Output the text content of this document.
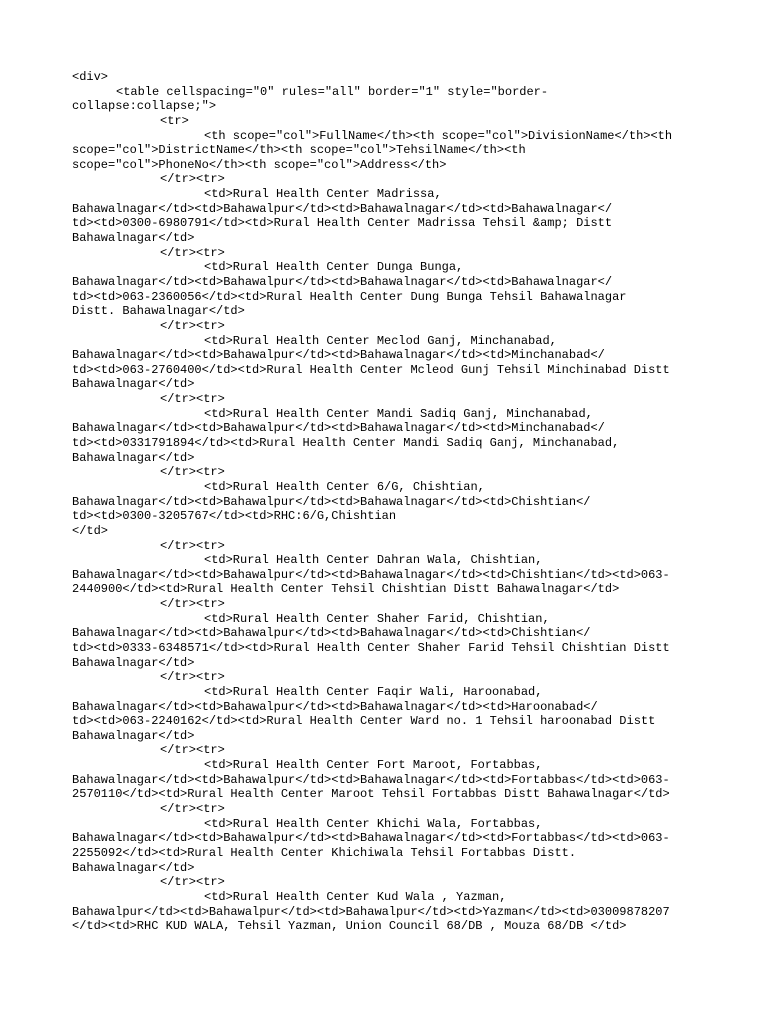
<div>
<table cellspacing="0" rules="all" border="1" style="border-
collapse:collapse;">
<tr>
<th scope="col">FullName</th><th scope="col">DivisionName</th><th
scope="col">DistrictName</th><th scope="col">TehsilName</th><th
scope="col">PhoneNo</th><th scope="col">Address</th>
</tr><tr>
<td>Rural Health Center Madrissa,
Bahawalnagar</td><td>Bahawalpur</td><td>Bahawalnagar</td><td>Bahawalnagar</
td><td>0300-6980791</td><td>Rural Health Center Madrissa Tehsil &amp; Distt
Bahawalnagar</td>
</tr><tr>
<td>Rural Health Center Dunga Bunga,
Bahawalnagar</td><td>Bahawalpur</td><td>Bahawalnagar</td><td>Bahawalnagar</
td><td>063-2360056</td><td>Rural Health Center Dung Bunga Tehsil Bahawalnagar
Distt. Bahawalnagar</td>
</tr><tr>
<td>Rural Health Center Meclod Ganj, Minchanabad,
Bahawalnagar</td><td>Bahawalpur</td><td>Bahawalnagar</td><td>Minchanabad</
td><td>063-2760400</td><td>Rural Health Center Mcleod Gunj Tehsil Minchinabad Distt
Bahawalnagar</td>
</tr><tr>
<td>Rural Health Center Mandi Sadiq Ganj, Minchanabad,
Bahawalnagar</td><td>Bahawalpur</td><td>Bahawalnagar</td><td>Minchanabad</
td><td>0331791894</td><td>Rural Health Center Mandi Sadiq Ganj, Minchanabad,
Bahawalnagar</td>
</tr><tr>
<td>Rural Health Center 6/G, Chishtian,
Bahawalnagar</td><td>Bahawalpur</td><td>Bahawalnagar</td><td>Chishtian</
td><td>0300-3205767</td><td>RHC:6/G,Chishtian
</td>
</tr><tr>
<td>Rural Health Center Dahran Wala, Chishtian,
Bahawalnagar</td><td>Bahawalpur</td><td>Bahawalnagar</td><td>Chishtian</td><td>063-
2440900</td><td>Rural Health Center Tehsil Chishtian Distt Bahawalnagar</td>
</tr><tr>
<td>Rural Health Center Shaher Farid, Chishtian,
Bahawalnagar</td><td>Bahawalpur</td><td>Bahawalnagar</td><td>Chishtian</
td><td>0333-6348571</td><td>Rural Health Center Shaher Farid Tehsil Chishtian Distt
Bahawalnagar</td>
</tr><tr>
<td>Rural Health Center Faqir Wali, Haroonabad,
Bahawalnagar</td><td>Bahawalpur</td><td>Bahawalnagar</td><td>Haroonabad</
td><td>063-2240162</td><td>Rural Health Center Ward no. 1 Tehsil haroonabad Distt
Bahawalnagar</td>
</tr><tr>
<td>Rural Health Center Fort Maroot, Fortabbas,
Bahawalnagar</td><td>Bahawalpur</td><td>Bahawalnagar</td><td>Fortabbas</td><td>063-
2570110</td><td>Rural Health Center Maroot Tehsil Fortabbas Distt Bahawalnagar</td>
</tr><tr>
<td>Rural Health Center Khichi Wala, Fortabbas,
Bahawalnagar</td><td>Bahawalpur</td><td>Bahawalnagar</td><td>Fortabbas</td><td>063-
2255092</td><td>Rural Health Center Khichiwala Tehsil Fortabbas Distt.
Bahawalnagar</td>
</tr><tr>
<td>Rural Health Center Kud Wala , Yazman,
Bahawalpur</td><td>Bahawalpur</td><td>Bahawalpur</td><td>Yazman</td><td>03009878207
</td><td>RHC KUD WALA, Tehsil Yazman, Union Council 68/DB , Mouza 68/DB </td>
